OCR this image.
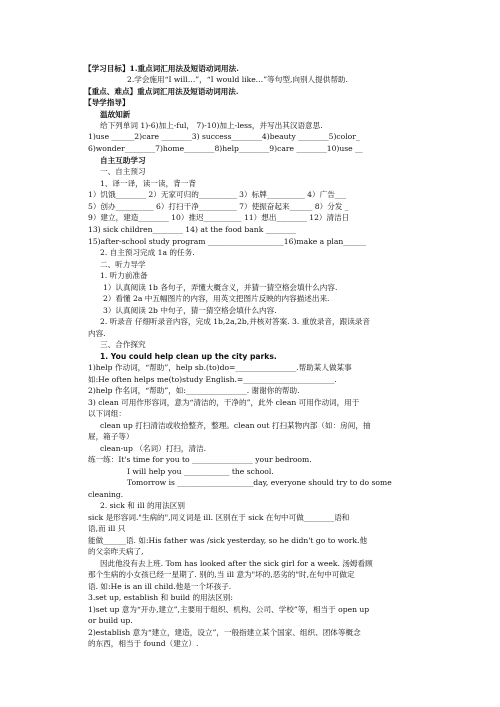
【学习目标】1.重点词汇用法及短语动词用法.
2.学会施用“I will…”，“I would like…”等句型,向别人提供帮助.
【重点、难点】重点词汇用法及短语动词用法.
【导学指导】
温故知新
给下列单词 1)-6)加上-ful， 7)-10)加上-less，并写出其汉语意思.
1)use ______2)care ________3) success________4)beauty ________5)color_
6)wonder________7)home________8)help________9)care ________10)use __
自主互助学习
一、自主预习
1、译一译，读一读，背一背
1）饥饿________ 2）无家可归的__________ 3）标牌__________ 4）广告___
5）创办__________ 6）打扫干净__________ 7）使振奋起来______ 8）分发 _
9）建立，建造________ 10）推迟__________ 11）想出________ 12）清洁日
13) sick children________ 14) at the food bank ________
15)after-school study program ____________________16)make a plan______
2. 自主预习完成 1a 的任务.
二、听力导学
1. 听力前准备
1）认真阅读 1b 各句子，弄懂大概含义，并猜一猜空格会填什么内容.
2）看懂 2a 中五幅图片的内容，用英文把图片反映的内容描述出来.
3）认真阅读 2b 中句子，猜一猜空格会填什么内容.
2. 听录音 仔细听录音内容，完成 1b,2a,2b,并核对答案. 3. 重放录音，跟读录音
内容.
三、合作探究
1. You could help clean up the city parks.
1)help 作动词，“帮助”，help sb.(to)do=________________.帮助某人做某事
如:He often helps me(to)study English.=________________________.
2)help 作名词，“帮助”，如:________________. 谢谢你的帮助.
3) clean 可用作形容词，意为“清洁的，干净的”，此外 clean 可用作动词，用于
以下词组：
clean up 打扫清洁或收拾整齐，整理。clean out 打扫某物内部（如：房间，抽
屉，箱子等）
clean-up （名词）打扫，清洁.
练一练：It's time for you to ________________ your bedroom.
I will help you ____________ the school.
Tomorrow is ____________________day, everyone should try to do some
cleaning.
2. sick 和 ill 的用法区别
sick 是形容词."生病的",同义词是 ill. 区别在于 sick 在句中可做________语和
语,而 ill 只
能做______语. 如:His father was /sick yesterday, so he didn't go to work.他
的父亲昨天病了,
因此他没有去上班. Tom has looked after the sick girl for a week. 汤姆看顾
那个生病的小女孩已经一星期了. 别的,当 ill 意为"坏的,恶劣的"时,在句中可做定
语. 如:He is an ill child.他是一个坏孩子.
3.set up, establish 和 build 的用法区别:
1)set up 意为“开办,建立”,主要用于组织、机构、公司、学校”等，相当于 open up
or build up.
2)establish 意为“建立，建造，设立”，一般指建立某个国家、组织、团体等概念
的东西，相当于 found（建立）.
